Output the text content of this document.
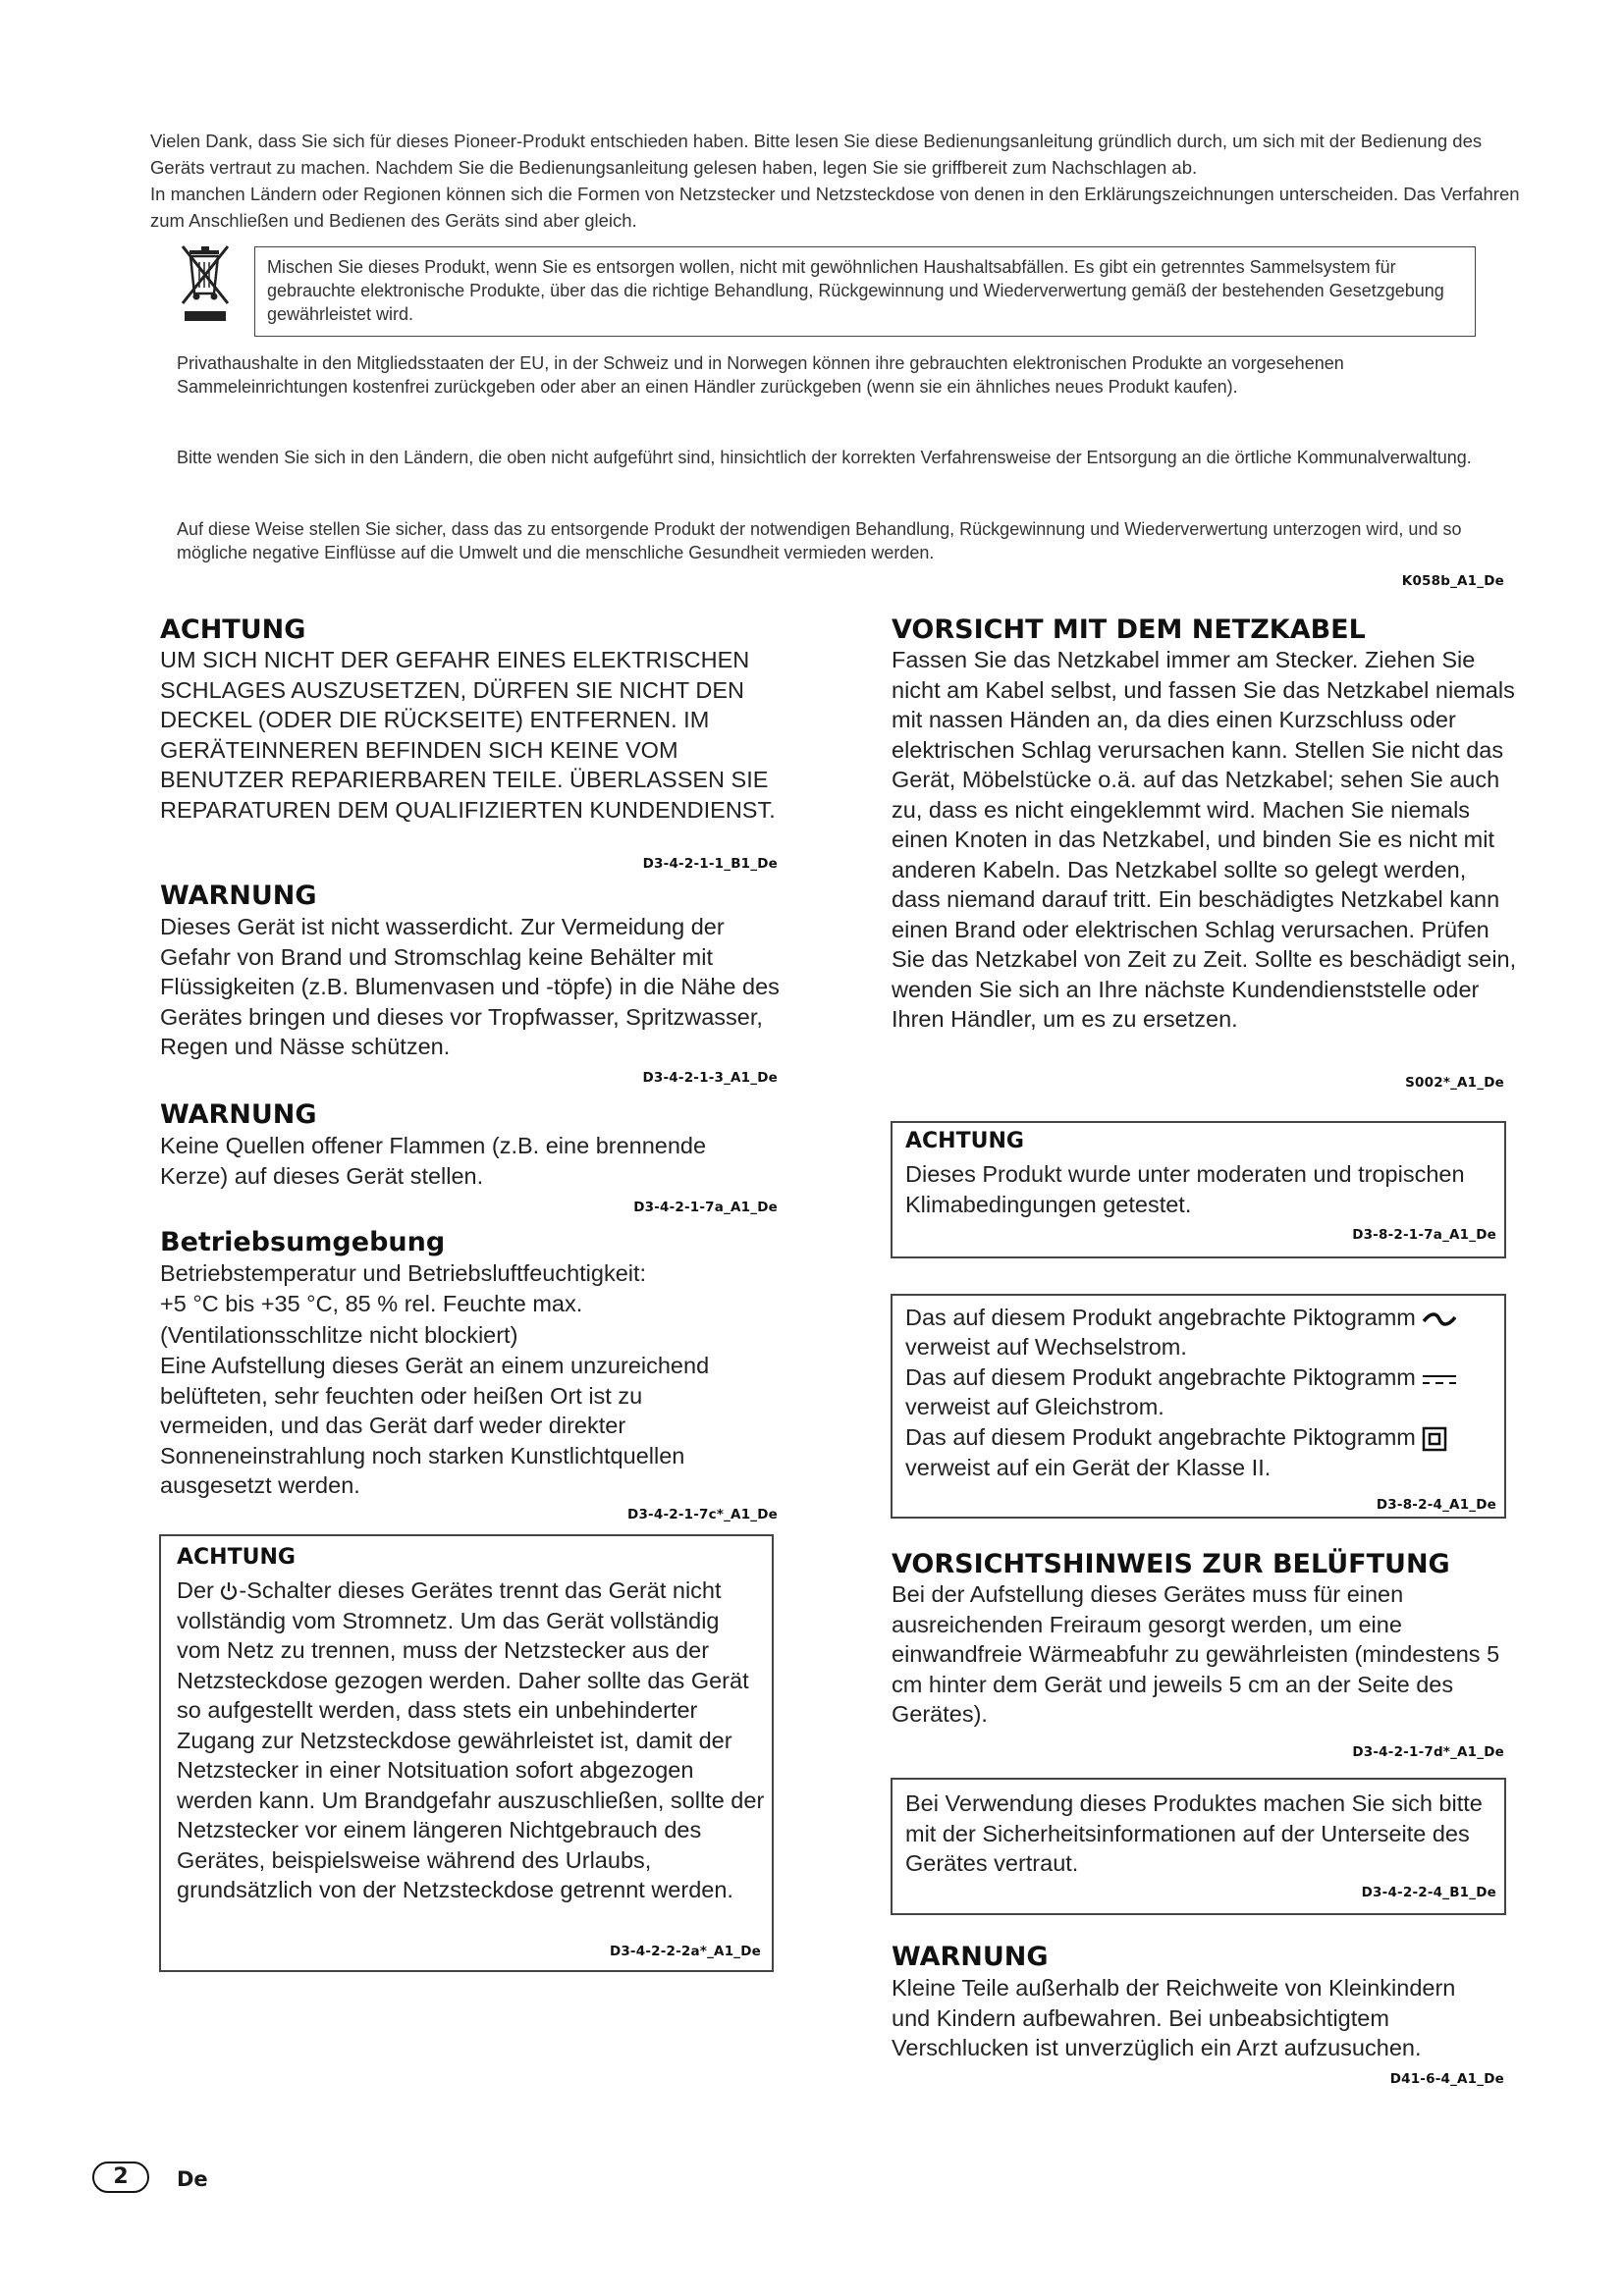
Vielen Dank, dass Sie sich für dieses Pioneer-Produkt entschieden haben. Bitte lesen Sie diese Bedienungsanleitung gründlich durch, um sich mit der Bedienung des Geräts vertraut zu machen. Nachdem Sie die Bedienungsanleitung gelesen haben, legen Sie sie griffbereit zum Nachschlagen ab.

In manchen Ländern oder Regionen können sich die Formen von Netzstecker und Netzsteckdose von denen in den Erklärungszeichnungen unterscheiden. Das Verfahren zum Anschließen und Bedienen des Geräts sind aber gleich.

Mischen Sie dieses Produkt, wenn Sie es entsorgen wollen, nicht mit gewöhnlichen Haushaltsabfällen. Es gibt ein getrenntes Sammelsystem für gebrauchte elektronische Produkte, über das die richtige Behandlung, Rückgewinnung und Wiederverwertung gemäß der bestehenden Gesetzgebung gewährleistet wird.

Privathaushalte in den Mitgliedsstaaten der EU, in der Schweiz und in Norwegen können ihre gebrauchten elektronischen Produkte an vorgesehenen Sammeleinrichtungen kostenfrei zurückgeben oder aber an einen Händler zurückgeben (wenn sie ein ähnliches neues Produkt kaufen).

Bitte wenden Sie sich in den Ländern, die oben nicht aufgeführt sind, hinsichtlich der korrekten Verfahrensweise der Entsorgung an die örtliche Kommunalverwaltung.

Auf diese Weise stellen Sie sicher, dass das zu entsorgende Produkt der notwendigen Behandlung, Rückgewinnung und Wiederverwertung unterzogen wird, und so mögliche negative Einflüsse auf die Umwelt und die menschliche Gesundheit vermieden werden.

K058b_A1_De
ACHTUNG

UM SICH NICHT DER GEFAHR EINES ELEKTRISCHEN SCHLAGES AUSZUSETZEN, DÜRFEN SIE NICHT DEN DECKEL (ODER DIE RÜCKSEITE) ENTFERNEN. IM GERÄTEINNEREN BEFINDEN SICH KEINE VOM BENUTZER REPARIERBAREN TEILE. ÜBERLASSEN SIE REPARATUREN DEM QUALIFIZIERTEN KUNDENDIENST.

D3-4-2-1-1_B1_De
WARNUNG

Dieses Gerät ist nicht wasserdicht. Zur Vermeidung der Gefahr von Brand und Stromschlag keine Behälter mit Flüssigkeiten (z.B. Blumenvasen und -töpfe) in die Nähe des Gerätes bringen und dieses vor Tropfwasser, Spritzwasser, Regen und Nässe schützen.

D3-4-2-1-3_A1_De
WARNUNG

Keine Quellen offener Flammen (z.B. eine brennende Kerze) auf dieses Gerät stellen.

D3-4-2-1-7a_A1_De
Betriebsumgebung

Betriebstemperatur und Betriebsluftfeuchtigkeit:

+5 °C bis +35 °C, 85 % rel. Feuchte max.

(Ventilationsschlitze nicht blockiert)

Eine Aufstellung dieses Gerät an einem unzureichend belüfteten, sehr feuchten oder heißen Ort ist zu vermeiden, und das Gerät darf weder direkter Sonneneinstrahlung noch starken Kunstlichtquellen ausgesetzt werden.

D3-4-2-1-7c*_A1_De
ACHTUNG

Der -Schalter dieses Gerätes trennt das Gerät nicht vollständig vom Stromnetz. Um das Gerät vollständig vom Netz zu trennen, muss der Netzstecker aus der Netzsteckdose gezogen werden. Daher sollte das Gerät so aufgestellt werden, dass stets ein unbehinderter Zugang zur Netzsteckdose gewährleistet ist, damit der Netzstecker in einer Notsituation sofort abgezogen werden kann. Um Brandgefahr auszuschließen, sollte der Netzstecker vor einem längeren Nichtgebrauch des Gerätes, beispielsweise während des Urlaubs, grundsätzlich von der Netzsteckdose getrennt werden.

D3-4-2-2-2a*_A1_De
VORSICHT MIT DEM NETZKABEL

Fassen Sie das Netzkabel immer am Stecker. Ziehen Sie nicht am Kabel selbst, und fassen Sie das Netzkabel niemals mit nassen Händen an, da dies einen Kurzschluss oder elektrischen Schlag verursachen kann. Stellen Sie nicht das Gerät, Möbelstücke o.ä. auf das Netzkabel; sehen Sie auch zu, dass es nicht eingeklemmt wird. Machen Sie niemals einen Knoten in das Netzkabel, und binden Sie es nicht mit anderen Kabeln. Das Netzkabel sollte so gelegt werden, dass niemand darauf tritt. Ein beschädigtes Netzkabel kann einen Brand oder elektrischen Schlag verursachen. Prüfen Sie das Netzkabel von Zeit zu Zeit. Sollte es beschädigt sein, wenden Sie sich an Ihre nächste Kundendienststelle oder Ihren Händler, um es zu ersetzen.

S002*_A1_De
ACHTUNG

Dieses Produkt wurde unter moderaten und tropischen Klimabedingungen getestet.

D3-8-2-1-7a_A1_De

Das auf diesem Produkt angebrachte Piktogramm

verweist auf Wechselstrom.

Das auf diesem Produkt angebrachte Piktogramm

verweist auf Gleichstrom.

Das auf diesem Produkt angebrachte Piktogramm

verweist auf ein Gerät der Klasse II.

D3-8-2-4_A1_De
VORSICHTSHINWEIS ZUR BELÜFTUNG

Bei der Aufstellung dieses Gerätes muss für einen ausreichenden Freiraum gesorgt werden, um eine einwandfreie Wärmeabfuhr zu gewährleisten (mindestens 5 cm hinter dem Gerät und jeweils 5 cm an der Seite des Gerätes).

D3-4-2-1-7d*_A1_De

Bei Verwendung dieses Produktes machen Sie sich bitte mit der Sicherheitsinformationen auf der Unterseite des Gerätes vertraut.

D3-4-2-2-4_B1_De
WARNUNG

Kleine Teile außerhalb der Reichweite von Kleinkindern und Kindern aufbewahren. Bei unbeabsichtigtem Verschlucken ist unverzüglich ein Arzt aufzusuchen.

D41-6-4_A1_De
2	De
